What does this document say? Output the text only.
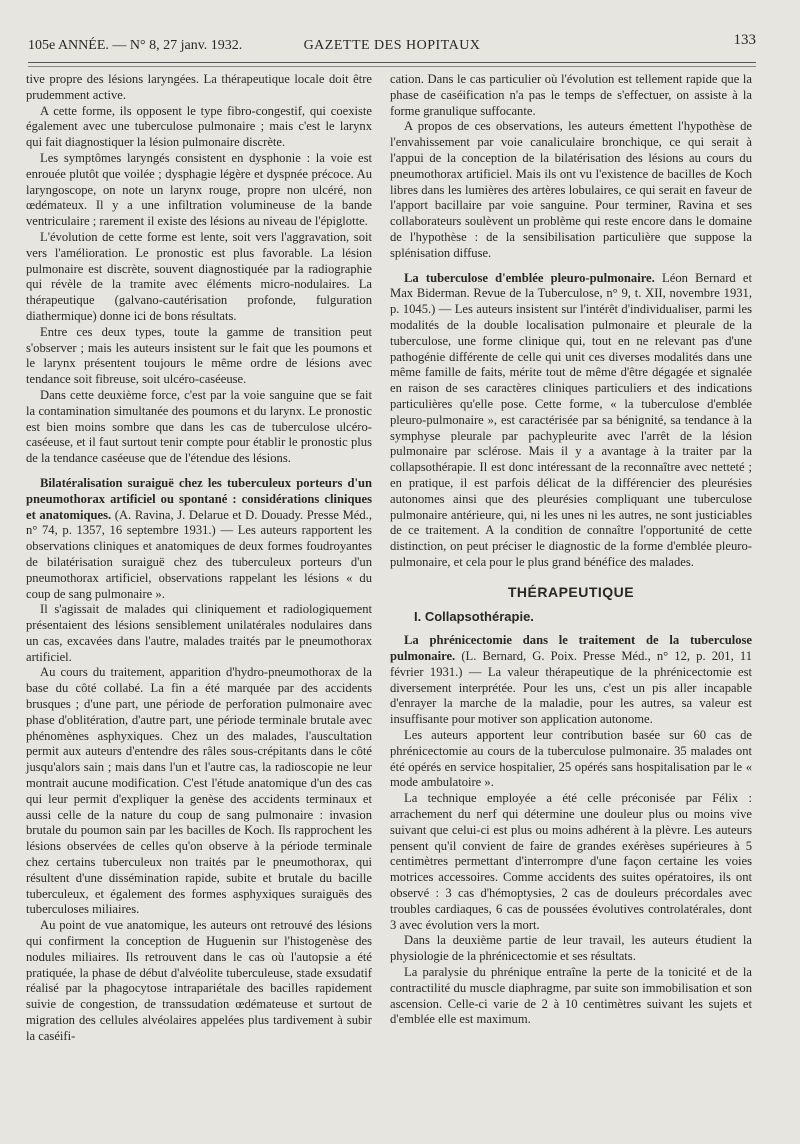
105e ANNÉE. — N° 8, 27 janv. 1932.	GAZETTE DES HOPITAUX	133

tive propre des lésions laryngées. La thérapeutique locale doit être prudemment active.

A cette forme, ils opposent le type fibro-congestif, qui coexiste également avec une tuberculose pulmonaire ; mais c'est le larynx qui fait diagnostiquer la lésion pulmonaire discrète.

Les symptômes laryngés consistent en dysphonie : la voie est enrouée plutôt que voilée ; dysphagie légère et dyspnée précoce. Au laryngoscope, on note un larynx rouge, propre non ulcéré, non œdémateux. Il y a une infiltration volumineuse de la bande ventriculaire ; rarement il existe des lésions au niveau de l'épiglotte.

L'évolution de cette forme est lente, soit vers l'aggravation, soit vers l'amélioration. Le pronostic est plus favorable. La lésion pulmonaire est discrète, souvent diagnostiquée par la radiographie qui révèle de la tramite avec éléments micro-nodulaires. La thérapeutique (galvano-cautérisation profonde, fulguration diathermique) donne ici de bons résultats.

Entre ces deux types, toute la gamme de transition peut s'observer ; mais les auteurs insistent sur le fait que les poumons et le larynx présentent toujours le même ordre de lésions avec tendance soit fibreuse, soit ulcéro-caséeuse.

Dans cette deuxième force, c'est par la voie sanguine que se fait la contamination simultanée des poumons et du larynx. Le pronostic est bien moins sombre que dans les cas de tuberculose ulcéro-caséeuse, et il faut surtout tenir compte pour établir le pronostic plus de la tendance caséeuse que de l'étendue des lésions.

Bilatéralisation suraiguë chez les tuberculeux porteurs d'un pneumothorax artificiel ou spontané : considérations cliniques et anatomiques. (A. Ravina, J. Delarue et D. Douady. Presse Méd., n° 74, p. 1357, 16 septembre 1931.) — Les auteurs rapportent les observations cliniques et anatomiques de deux formes foudroyantes de bilatérisation suraiguë chez des tuberculeux porteurs d'un pneumothorax artificiel, observations rappelant les lésions « du coup de sang pulmonaire ».

Il s'agissait de malades qui cliniquement et radiologiquement présentaient des lésions sensiblement unilatérales nodulaires dans un cas, excavées dans l'autre, malades traités par le pneumothorax artificiel.

Au cours du traitement, apparition d'hydro-pneumothorax de la base du côté collabé. La fin a été marquée par des accidents brusques ; d'une part, une période de perforation pulmonaire avec phase d'oblitération, d'autre part, une période terminale brutale avec phénomènes asphyxiques. Chez un des malades, l'auscultation permit aux auteurs d'entendre des râles sous-crépitants dans le côté jusqu'alors sain ; mais dans l'un et l'autre cas, la radioscopie ne leur montrait aucune modification. C'est l'étude anatomique d'un des cas qui leur permit d'expliquer la genèse des accidents terminaux et aussi celle de la nature du coup de sang pulmonaire : invasion brutale du poumon sain par les bacilles de Koch. Ils rapprochent les lésions observées de celles qu'on observe à la période terminale chez certains tuberculeux non traités par le pneumothorax, qui résultent d'une dissémination rapide, subite et brutale du bacille tuberculeux, et également des formes asphyxiques suraiguës des tuberculoses miliaires.

Au point de vue anatomique, les auteurs ont retrouvé des lésions qui confirment la conception de Huguenin sur l'histogenèse des nodules miliaires. Ils retrouvent dans le cas où l'autopsie a été pratiquée, la phase de début d'alvéolite tuberculeuse, stade exsudatif réalisé par la phagocytose intrapariétale des bacilles rapidement suivie de congestion, de transsudation œdémateuse et surtout de migration des cellules alvéolaires appelées plus tardivement à subir la caséifi-

cation. Dans le cas particulier où l'évolution est tellement rapide que la phase de caséification n'a pas le temps de s'effectuer, on assiste à la forme granulique suffocante.

A propos de ces observations, les auteurs émettent l'hypothèse de l'envahissement par voie canaliculaire bronchique, ce qui serait à l'appui de la conception de la bilatérisation des lésions au cours du pneumothorax artificiel. Mais ils ont vu l'existence de bacilles de Koch libres dans les lumières des artères lobulaires, ce qui serait en faveur de l'apport bacillaire par voie sanguine. Pour terminer, Ravina et ses collaborateurs soulèvent un problème qui reste encore dans le domaine de l'hypothèse : de la sensibilisation particulière que suppose la splénisation diffuse.

La tuberculose d'emblée pleuro-pulmonaire. Léon Bernard et Max Biderman. Revue de la Tuberculose, n° 9, t. XII, novembre 1931, p. 1045.) — Les auteurs insistent sur l'intérêt d'individualiser, parmi les modalités de la double localisation pulmonaire et pleurale de la tuberculose, une forme clinique qui, tout en ne relevant pas d'une pathogénie différente de celle qui unit ces diverses modalités dans une même famille de faits, mérite tout de même d'être dégagée et signalée en raison de ses caractères cliniques particuliers et des indications particulières qu'elle pose. Cette forme, « la tuberculose d'emblée pleuro-pulmonaire », est caractérisée par sa bénignité, sa tendance à la symphyse pleurale par pachypleurite avec l'arrêt de la lésion pulmonaire par sclérose. Mais il y a avantage à la traiter par la collapsothérapie. Il est donc intéressant de la reconnaître avec netteté ; en pratique, il est parfois délicat de la différencier des pleurésies autonomes ainsi que des pleurésies compliquant une tuberculose pulmonaire antérieure, qui, ni les unes ni les autres, ne sont justiciables de ce traitement. A la condition de connaître l'opportunité de cette distinction, on peut préciser le diagnostic de la forme d'emblée pleuro-pulmonaire, et cela pour le plus grand bénéfice des malades.

THÉRAPEUTIQUE
I. Collapsothérapie.

La phrénicectomie dans le traitement de la tuberculose pulmonaire. (L. Bernard, G. Poix. Presse Méd., n° 12, p. 201, 11 février 1931.) — La valeur thérapeutique de la phrénicectomie est diversement interprétée. Pour les uns, c'est un pis aller incapable d'enrayer la marche de la maladie, pour les autres, sa valeur est insuffisante pour motiver son application autonome.

Les auteurs apportent leur contribution basée sur 60 cas de phrénicectomie au cours de la tuberculose pulmonaire. 35 malades ont été opérés en service hospitalier, 25 opérés sans hospitalisation par le « mode ambulatoire ».

La technique employée a été celle préconisée par Félix : arrachement du nerf qui détermine une douleur plus ou moins vive suivant que celui-ci est plus ou moins adhérent à la plèvre. Les auteurs pensent qu'il convient de faire de grandes exérèses supérieures à 5 centimètres permettant d'interrompre d'une façon certaine les voies motrices accessoires. Comme accidents des suites opératoires, ils ont observé : 3 cas d'hémoptysies, 2 cas de douleurs précordales avec troubles cardiaques, 6 cas de poussées évolutives controlatérales, dont 3 avec évolution vers la mort.

Dans la deuxième partie de leur travail, les auteurs étudient la physiologie de la phrénicectomie et ses résultats.

La paralysie du phrénique entraîne la perte de la tonicité et de la contractilité du muscle diaphragme, par suite son immobilisation et son ascension. Celle-ci varie de 2 à 10 centimètres suivant les sujets et d'emblée elle est maximum.
